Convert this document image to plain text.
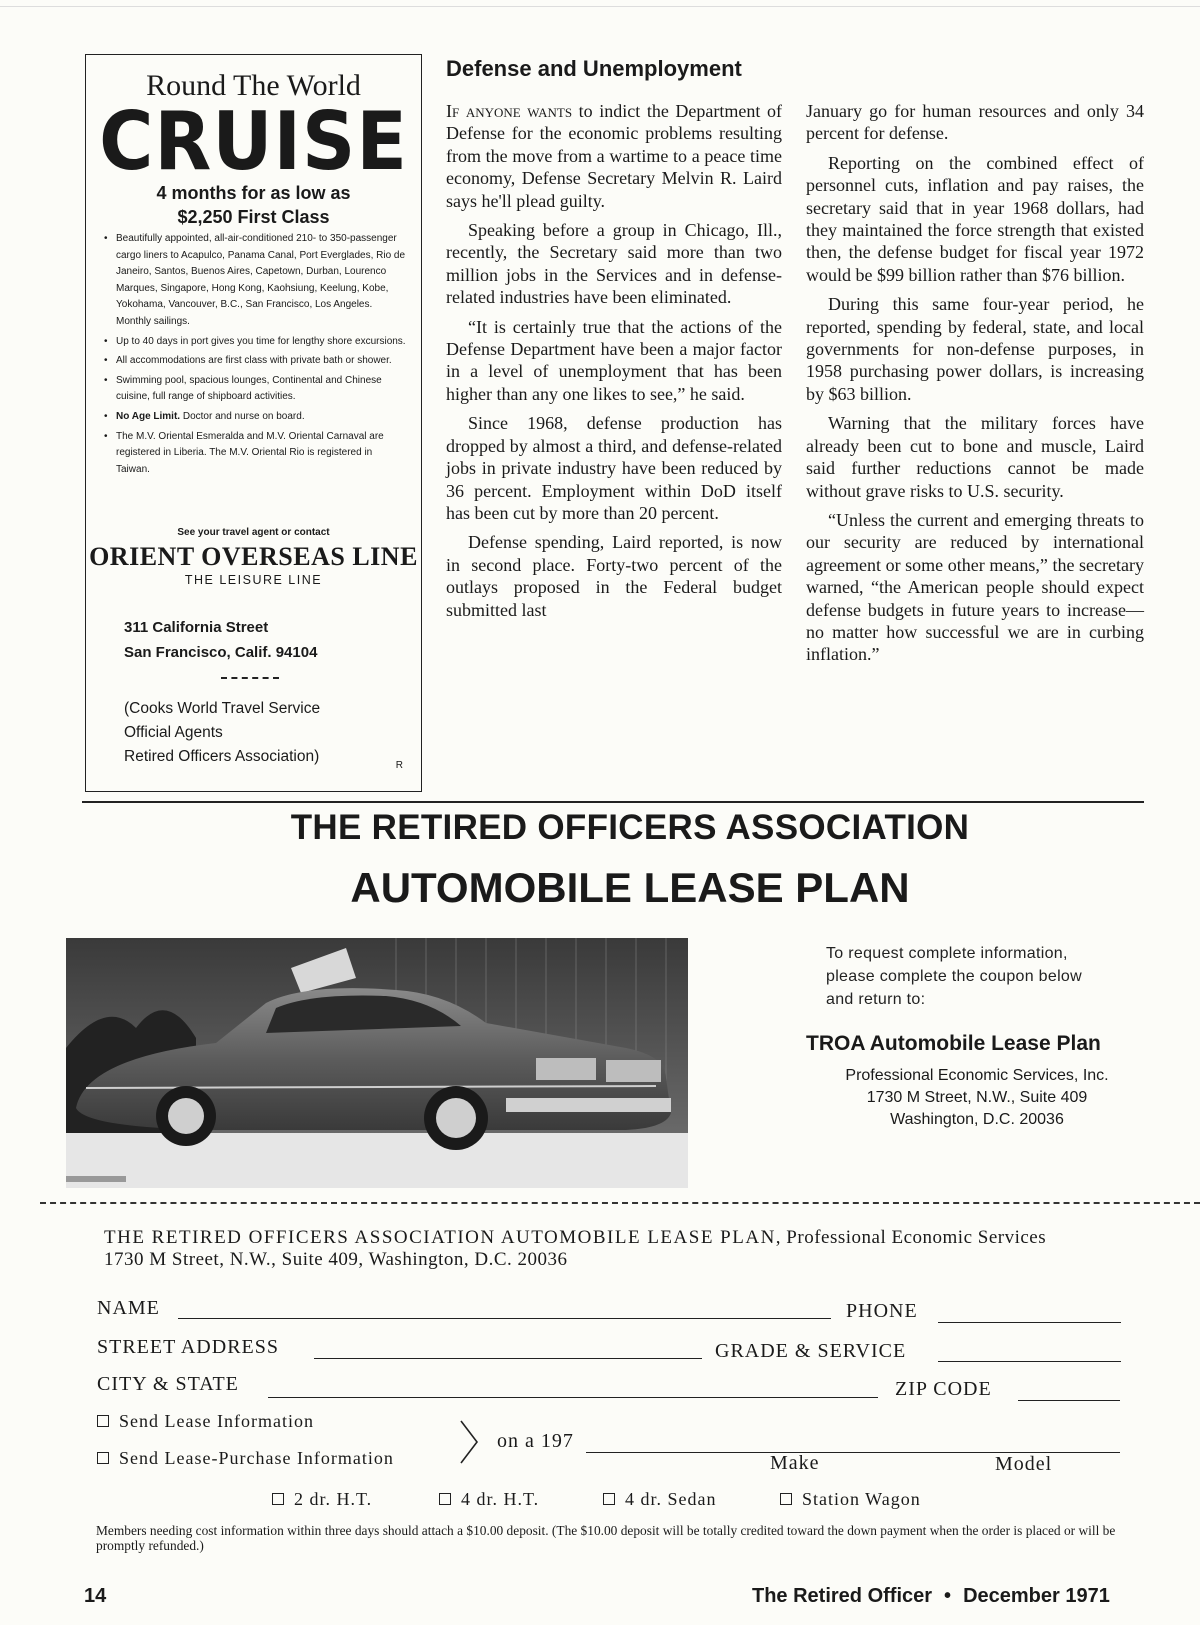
Round The World
CRUISE
4 months for as low as
$2,250 First Class
• Beautifully appointed, all-air-conditioned 210- to 350-passenger cargo liners to Acapulco, Panama Canal, Port Everglades, Rio de Janeiro, Santos, Buenos Aires, Capetown, Durban, Lourenco Marques, Singapore, Hong Kong, Kaohsiung, Keelung, Kobe, Yokohama, Vancouver, B.C., San Francisco, Los Angeles. Monthly sailings.
• Up to 40 days in port gives you time for lengthy shore excursions.
• All accommodations are first class with private bath or shower.
• Swimming pool, spacious lounges, Continental and Chinese cuisine, full range of shipboard activities.
• No Age Limit. Doctor and nurse on board.
• The M.V. Oriental Esmeralda and M.V. Oriental Carnaval are registered in Liberia. The M.V. Oriental Rio is registered in Taiwan.
See your travel agent or contact
ORIENT OVERSEAS LINE
THE LEISURE LINE
311 California Street
San Francisco, Calif. 94104
(Cooks World Travel Service
Official Agents
Retired Officers Association)
R
Defense and Unemployment

If anyone wants to indict the Department of Defense for the economic problems resulting from the move from a wartime to a peace time economy, Defense Secretary Melvin R. Laird says he'll plead guilty.

Speaking before a group in Chicago, Ill., recently, the Secretary said more than two million jobs in the Services and in defense-related industries have been eliminated.

“It is certainly true that the actions of the Defense Department have been a major factor in a level of unemployment that has been higher than any one likes to see,” he said.

Since 1968, defense production has dropped by almost a third, and defense-related jobs in private industry have been reduced by 36 percent. Employment within DoD itself has been cut by more than 20 percent.

Defense spending, Laird reported, is now in second place. Forty-two percent of the outlays proposed in the Federal budget submitted last

January go for human resources and only 34 percent for defense.

Reporting on the combined effect of personnel cuts, inflation and pay raises, the secretary said that in year 1968 dollars, had they maintained the force strength that existed then, the defense budget for fiscal year 1972 would be $99 billion rather than $76 billion.

During this same four-year period, he reported, spending by federal, state, and local governments for non-defense purposes, in 1958 purchasing power dollars, is increasing by $63 billion.

Warning that the military forces have already been cut to bone and muscle, Laird said further reductions cannot be made without grave risks to U.S. security.

“Unless the current and emerging threats to our security are reduced by international agreement or some other means,” the secretary warned, “the American people should expect defense budgets in future years to increase—no matter how successful we are in curbing inflation.”

THE RETIRED OFFICERS ASSOCIATION
AUTOMOBILE LEASE PLAN
To request complete information,
please complete the coupon below
and return to:
TROA Automobile Lease Plan
Professional Economic Services, Inc.
1730 M Street, N.W., Suite 409
Washington, D.C. 20036
THE RETIRED OFFICERS ASSOCIATION AUTOMOBILE LEASE PLAN, Professional Economic Services
1730 M Street, N.W., Suite 409, Washington, D.C. 20036
NAME	PHONE
STREET ADDRESS	GRADE & SERVICE
CITY & STATE	ZIP CODE
Send Lease Information
Send Lease-Purchase Information
on a 197
Make	Model
2 dr. H.T.	4 dr. H.T.	4 dr. Sedan	Station Wagon
Members needing cost information within three days should attach a $10.00 deposit. (The $10.00 deposit will be totally credited toward the down payment when the order is placed or will be promptly refunded.)
14	The Retired Officer • December 1971
